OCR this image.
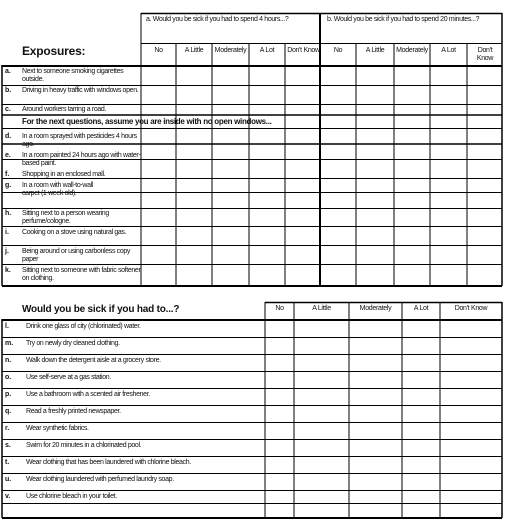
Exposures:
a. Would you be sick if you had to spend 4 hours...?	b. Would you be sick if you had to spend 20 minutes...?
No	A Little	Moderately	A Lot	Don't Know	No	A Little	Moderately	A Lot	Don't Know
a. Next to someone smoking cigarettes outside.
b. Driving in heavy traffic with windows open.
c. Around workers tarring a road.
For the next questions, assume you are inside with no open windows...
d. In a room sprayed with pesticides 4 hours ago.
e. In a room painted 24 hours ago with water-based paint.
f. Shopping in an enclosed mall.
g. In a room with wall-to-wall carpet (1 week old).
h. Sitting next to a person wearing perfume/cologne.
i. Cooking on a stove using natural gas.
j. Being around or using carbonless copy paper
k. Sitting next to someone with fabric softener on clothing.
Would you be sick if you had to...?	No	A Little	Moderately	A Lot	Don't Know
l. Drink one glass of city (chlorinated) water.
m. Try on newly dry cleaned clothing.
n. Walk down the detergent aisle at a grocery store.
o. Use self-serve at a gas station.
p. Use a bathroom with a scented air freshener.
q. Read a freshly printed newspaper.
r. Wear synthetic fabrics.
s. Swim for 20 minutes in a chlorinated pool.
t. Wear clothing that has been laundered with chlorine bleach.
u. Wear clothing laundered with perfumed laundry soap.
v. Use chlorine bleach in your toilet.
